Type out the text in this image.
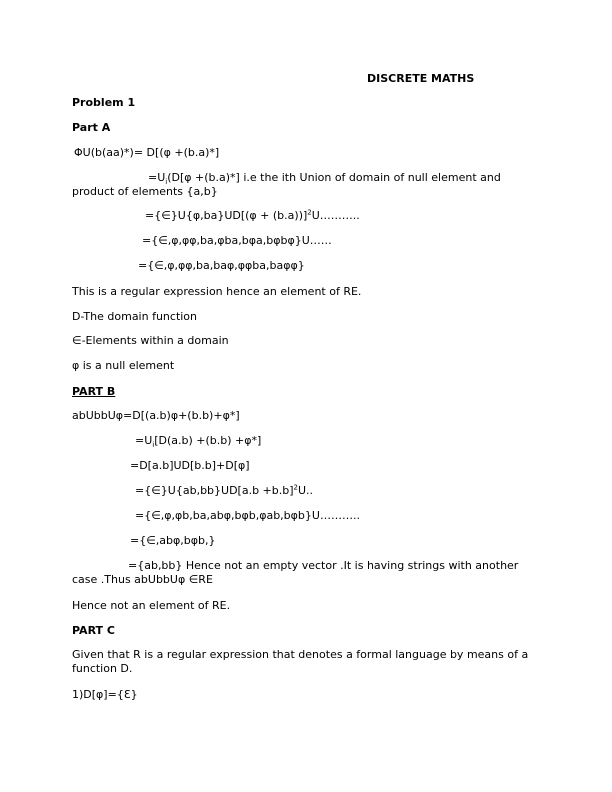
DISCRETE MATHS
Problem 1
Part A
ΦU(b(aa)*)= D[(φ +(b.a)*]
$=U_i(D[\varphi +(b.a)*]$ i.e the ith Union of domain of null element and
product of elements {a,b}
={∈}U{φ,ba}UD[(φ + (b.a))]$^2$U………..
={∈,φ,φφ,ba,φba,bφa,bφbφ}U……
={∈,φ,φφ,ba,baφ,φφba,baφφ}
This is a regular expression hence an element of RE.
D-The domain function
∈-Elements within a domain
φ is a null element
PART B
abUbbUφ=D[(a.b)φ+(b.b)+φ*]
$=U_i[D(a.b) +(b.b) +\varphi*]$
=D[a.b]UD[b.b]+D[φ]
={∈}U{ab,bb}UD[a.b +b.b]$^2$U..
={∈,φ,φb,ba,abφ,bφb,φab,bφb}U………..
={∈,abφ,bφb,}
={ab,bb} Hence not an empty vector .It is having strings with another
case .Thus abUbbUφ ∈RE
Hence not an element of RE.
PART C
Given that R is a regular expression that denotes a formal language by means of a
function D.
1)D[φ]={Ɛ}
